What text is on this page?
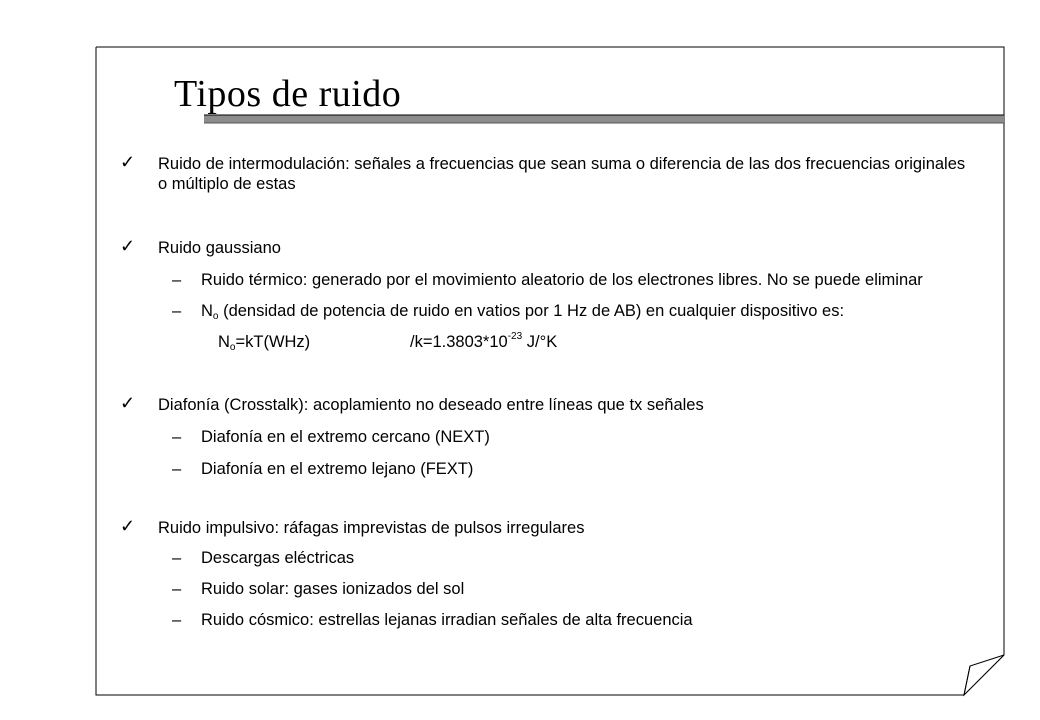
Tipos de ruido
✓ Ruido de intermodulación: señales a frecuencias que sean suma o diferencia de las dos frecuencias originales o múltiplo de estas
✓ Ruido gaussiano
– Ruido térmico: generado por el movimiento aleatorio de los electrones libres. No se puede eliminar
– $N_o$ (densidad de potencia de ruido en vatios por 1 Hz de AB) en cualquier dispositivo es:
$N_o=kT(WHz)$	$/k=1.3803*10^{-23}$ J/°K
✓ Diafonía (Crosstalk): acoplamiento no deseado entre líneas que tx señales
– Diafonía en el extremo cercano (NEXT)
– Diafonía en el extremo lejano (FEXT)
✓ Ruido impulsivo: ráfagas imprevistas de pulsos irregulares
– Descargas eléctricas
– Ruido solar: gases ionizados del sol
– Ruido cósmico: estrellas lejanas irradian señales de alta frecuencia
